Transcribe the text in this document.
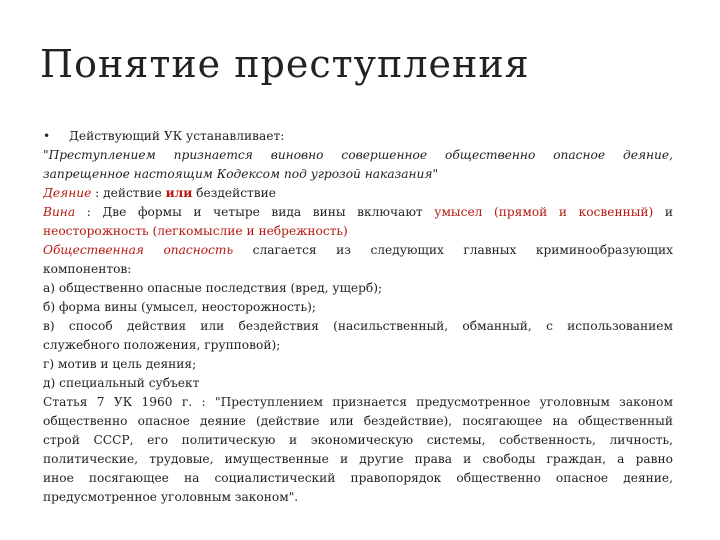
Понятие преступления
• Действующий УК устанавливает:
"Преступлением признается виновно совершенное общественно опасное деяние,
запрещенное настоящим Кодексом под угрозой наказания"
Деяние : действие или бездействие
Вина : Две формы и четыре вида вины включают умысел (прямой и косвенный) и
неосторожность (легкомыслие и небрежность)
Общественная опасность слагается из следующих главных криминообразующих
компонентов:
а) общественно опасные последствия (вред, ущерб);
б) форма вины (умысел, неосторожность);
в) способ действия или бездействия (насильственный, обманный, с использованием
служебного положения, групповой);
г) мотив и цель деяния;
д) специальный субъект
Статья 7 УК 1960 г. : "Преступлением признается предусмотренное уголовным законом
общественно опасное деяние (действие или бездействие), посягающее на общественный
строй СССР, его политическую и экономическую системы, собственность, личность,
политические, трудовые, имущественные и другие права и свободы граждан, а равно
иное посягающее на социалистический правопорядок общественно опасное деяние,
предусмотренное уголовным законом".
